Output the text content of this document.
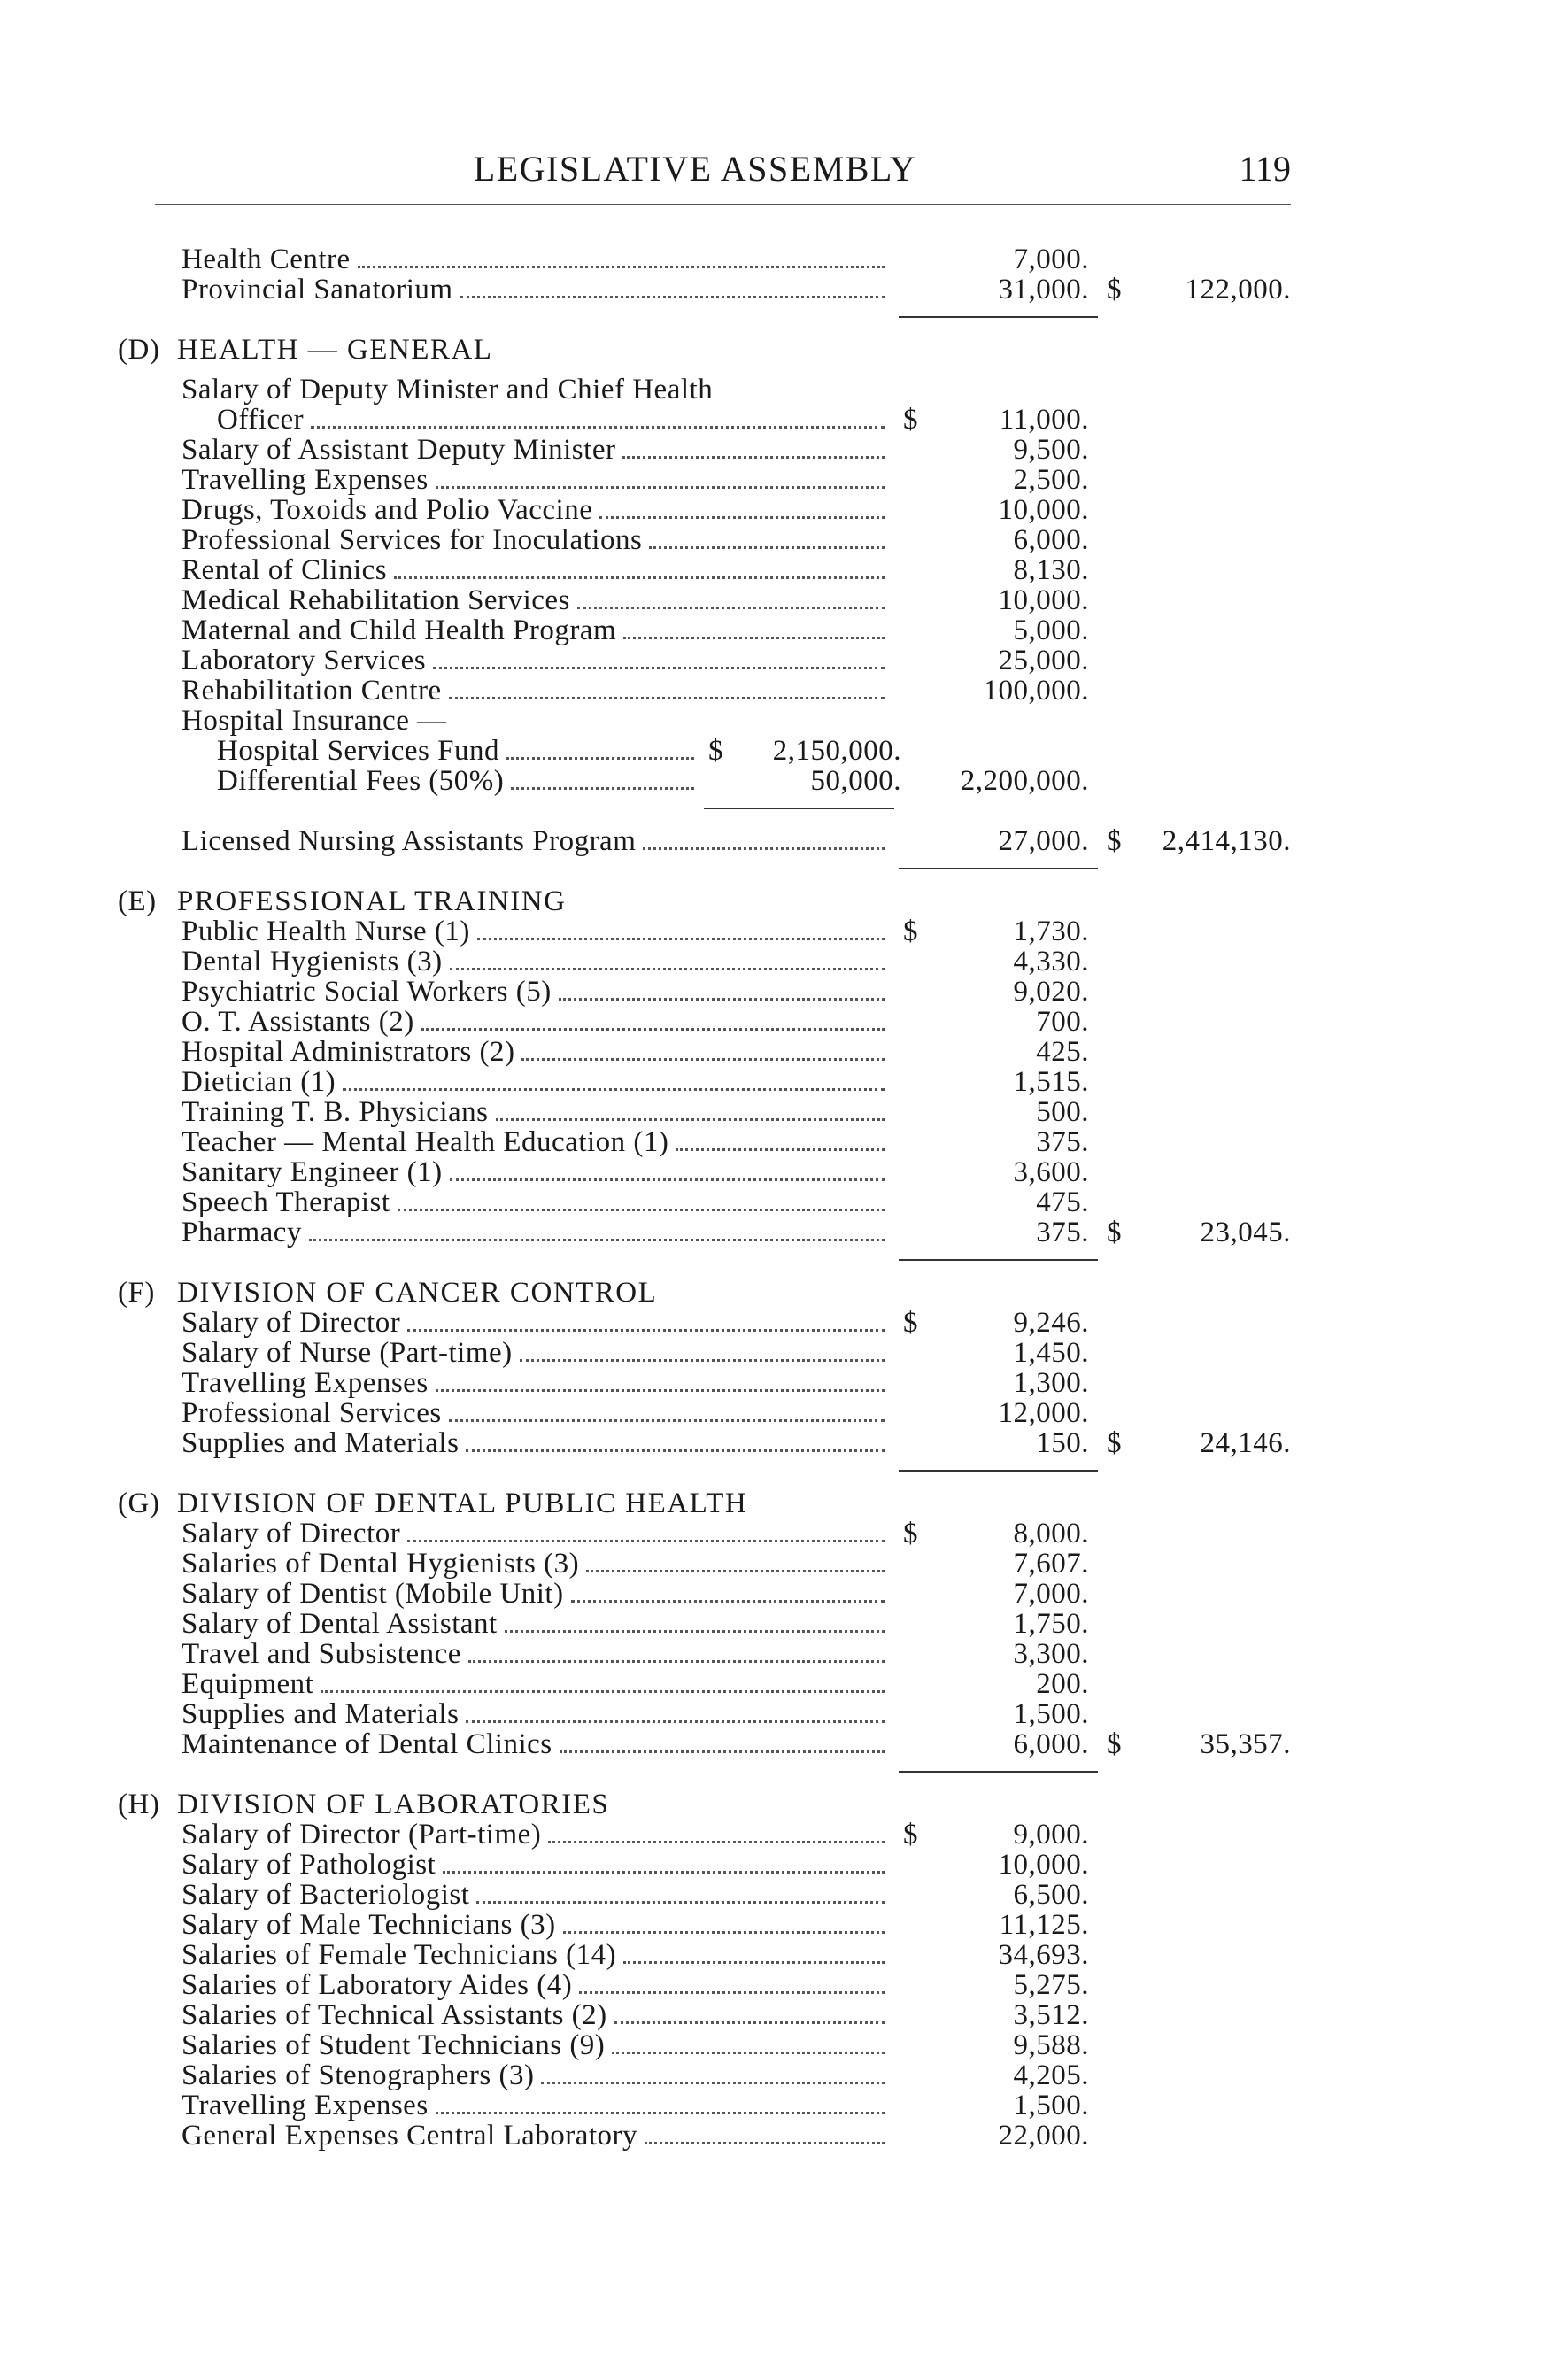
LEGISLATIVE ASSEMBLY	119
Health Centre	7,000.
Provincial Sanatorium	31,000. $ 122,000.
(D) HEALTH — GENERAL
Salary of Deputy Minister and Chief Health
Officer	$	11,000.
Salary of Assistant Deputy Minister	9,500.
Travelling Expenses	2,500.
Drugs, Toxoids and Polio Vaccine	10,000.
Professional Services for Inoculations	6,000.
Rental of Clinics	8,130.
Medical Rehabilitation Services	10,000.
Maternal and Child Health Program	5,000.
Laboratory Services	25,000.
Rehabilitation Centre	100,000.
Hospital Insurance —
Hospital Services Fund	$ 2,150,000.
Differential Fees (50%)	50,000. 2,200,000.
Licensed Nursing Assistants Program	27,000. $ 2,414,130.
(E) PROFESSIONAL TRAINING
Public Health Nurse (1)	$	1,730.
Dental Hygienists (3)	4,330.
Psychiatric Social Workers (5)	9,020.
O. T. Assistants (2)	700.
Hospital Administrators (2)	425.
Dietician (1)	1,515.
Training T. B. Physicians	500.
Teacher — Mental Health Education (1)	375.
Sanitary Engineer (1)	3,600.
Speech Therapist	475.
Pharmacy	375. $	23,045.
(F) DIVISION OF CANCER CONTROL
Salary of Director	$	9,246.
Salary of Nurse (Part-time)	1,450.
Travelling Expenses	1,300.
Professional Services	12,000.
Supplies and Materials	150. $	24,146.
(G) DIVISION OF DENTAL PUBLIC HEALTH
Salary of Director	$	8,000.
Salaries of Dental Hygienists (3)	7,607.
Salary of Dentist (Mobile Unit)	7,000.
Salary of Dental Assistant	1,750.
Travel and Subsistence	3,300.
Equipment	200.
Supplies and Materials	1,500.
Maintenance of Dental Clinics	6,000. $	35,357.
(H) DIVISION OF LABORATORIES
Salary of Director (Part-time)	$	9,000.
Salary of Pathologist	10,000.
Salary of Bacteriologist	6,500.
Salary of Male Technicians (3)	11,125.
Salaries of Female Technicians (14)	34,693.
Salaries of Laboratory Aides (4)	5,275.
Salaries of Technical Assistants (2)	3,512.
Salaries of Student Technicians (9)	9,588.
Salaries of Stenographers (3)	4,205.
Travelling Expenses	1,500.
General Expenses Central Laboratory	22,000.
